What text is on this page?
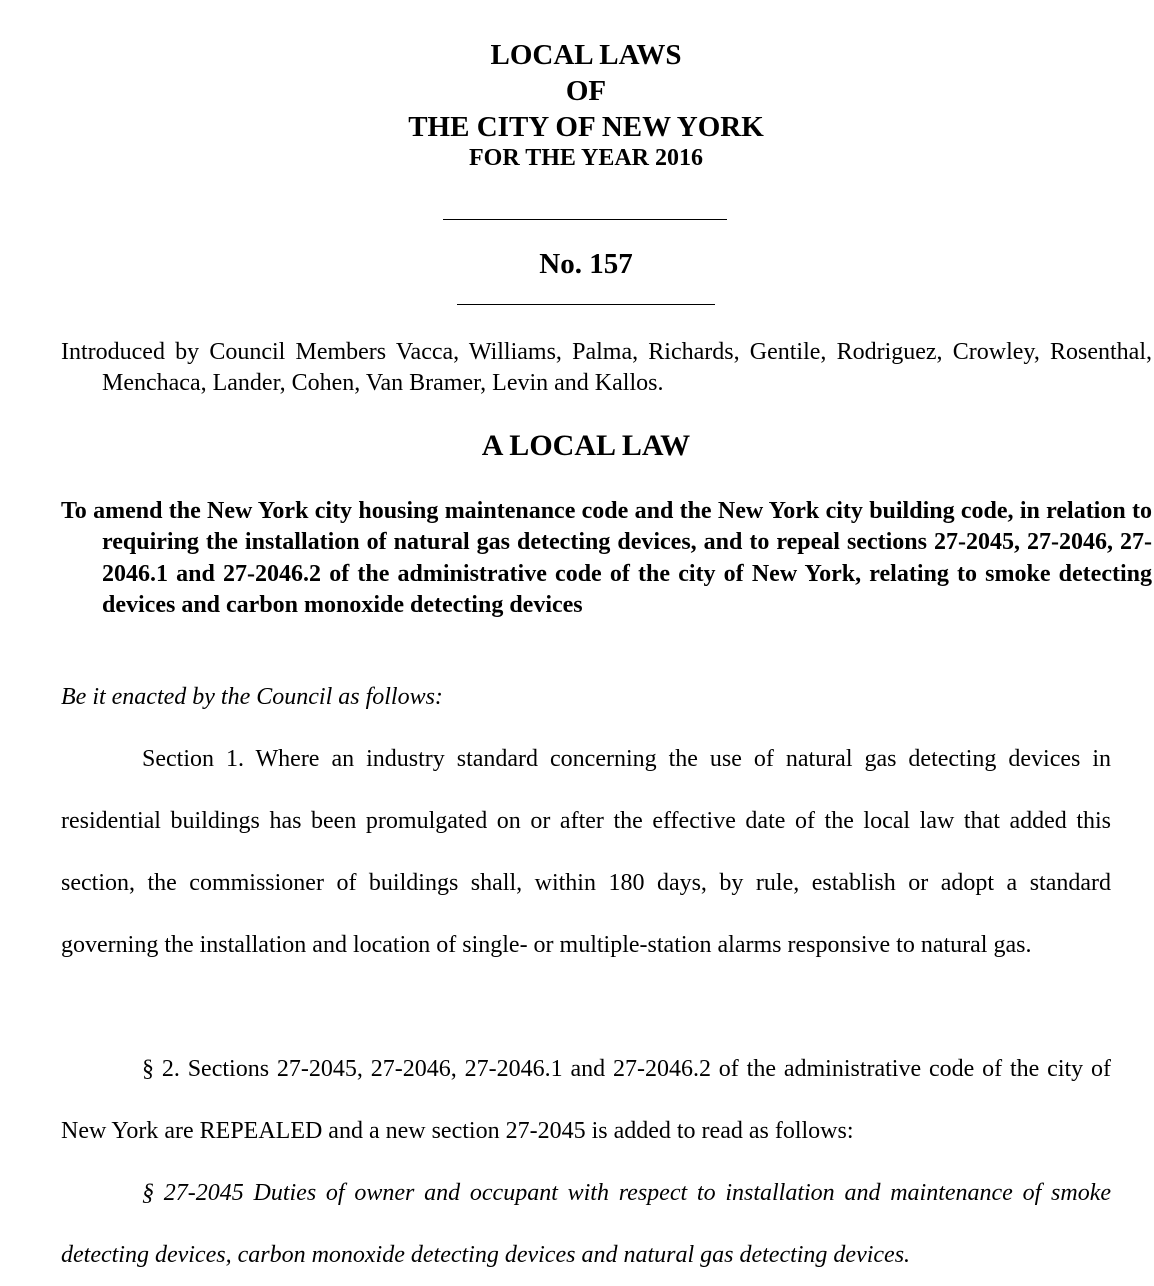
LOCAL LAWS
OF
THE CITY OF NEW YORK
FOR THE YEAR 2016
No. 157
Introduced by Council Members Vacca, Williams, Palma, Richards, Gentile, Rodriguez, Crowley, Rosenthal, Menchaca, Lander, Cohen, Van Bramer, Levin and Kallos.
A LOCAL LAW
To amend the New York city housing maintenance code and the New York city building code, in relation to requiring the installation of natural gas detecting devices, and to repeal sections 27-2045, 27-2046, 27-2046.1 and 27-2046.2 of the administrative code of the city of New York, relating to smoke detecting devices and carbon monoxide detecting devices
Be it enacted by the Council as follows:
Section 1. Where an industry standard concerning the use of natural gas detecting devices in residential buildings has been promulgated on or after the effective date of the local law that added this section, the commissioner of buildings shall, within 180 days, by rule, establish or adopt a standard governing the installation and location of single- or multiple-station alarms responsive to natural gas.
§ 2. Sections 27-2045, 27-2046, 27-2046.1 and 27-2046.2 of the administrative code of the city of New York are REPEALED and a new section 27-2045 is added to read as follows:
§ 27-2045 Duties of owner and occupant with respect to installation and maintenance of smoke detecting devices, carbon monoxide detecting devices and natural gas detecting devices.
